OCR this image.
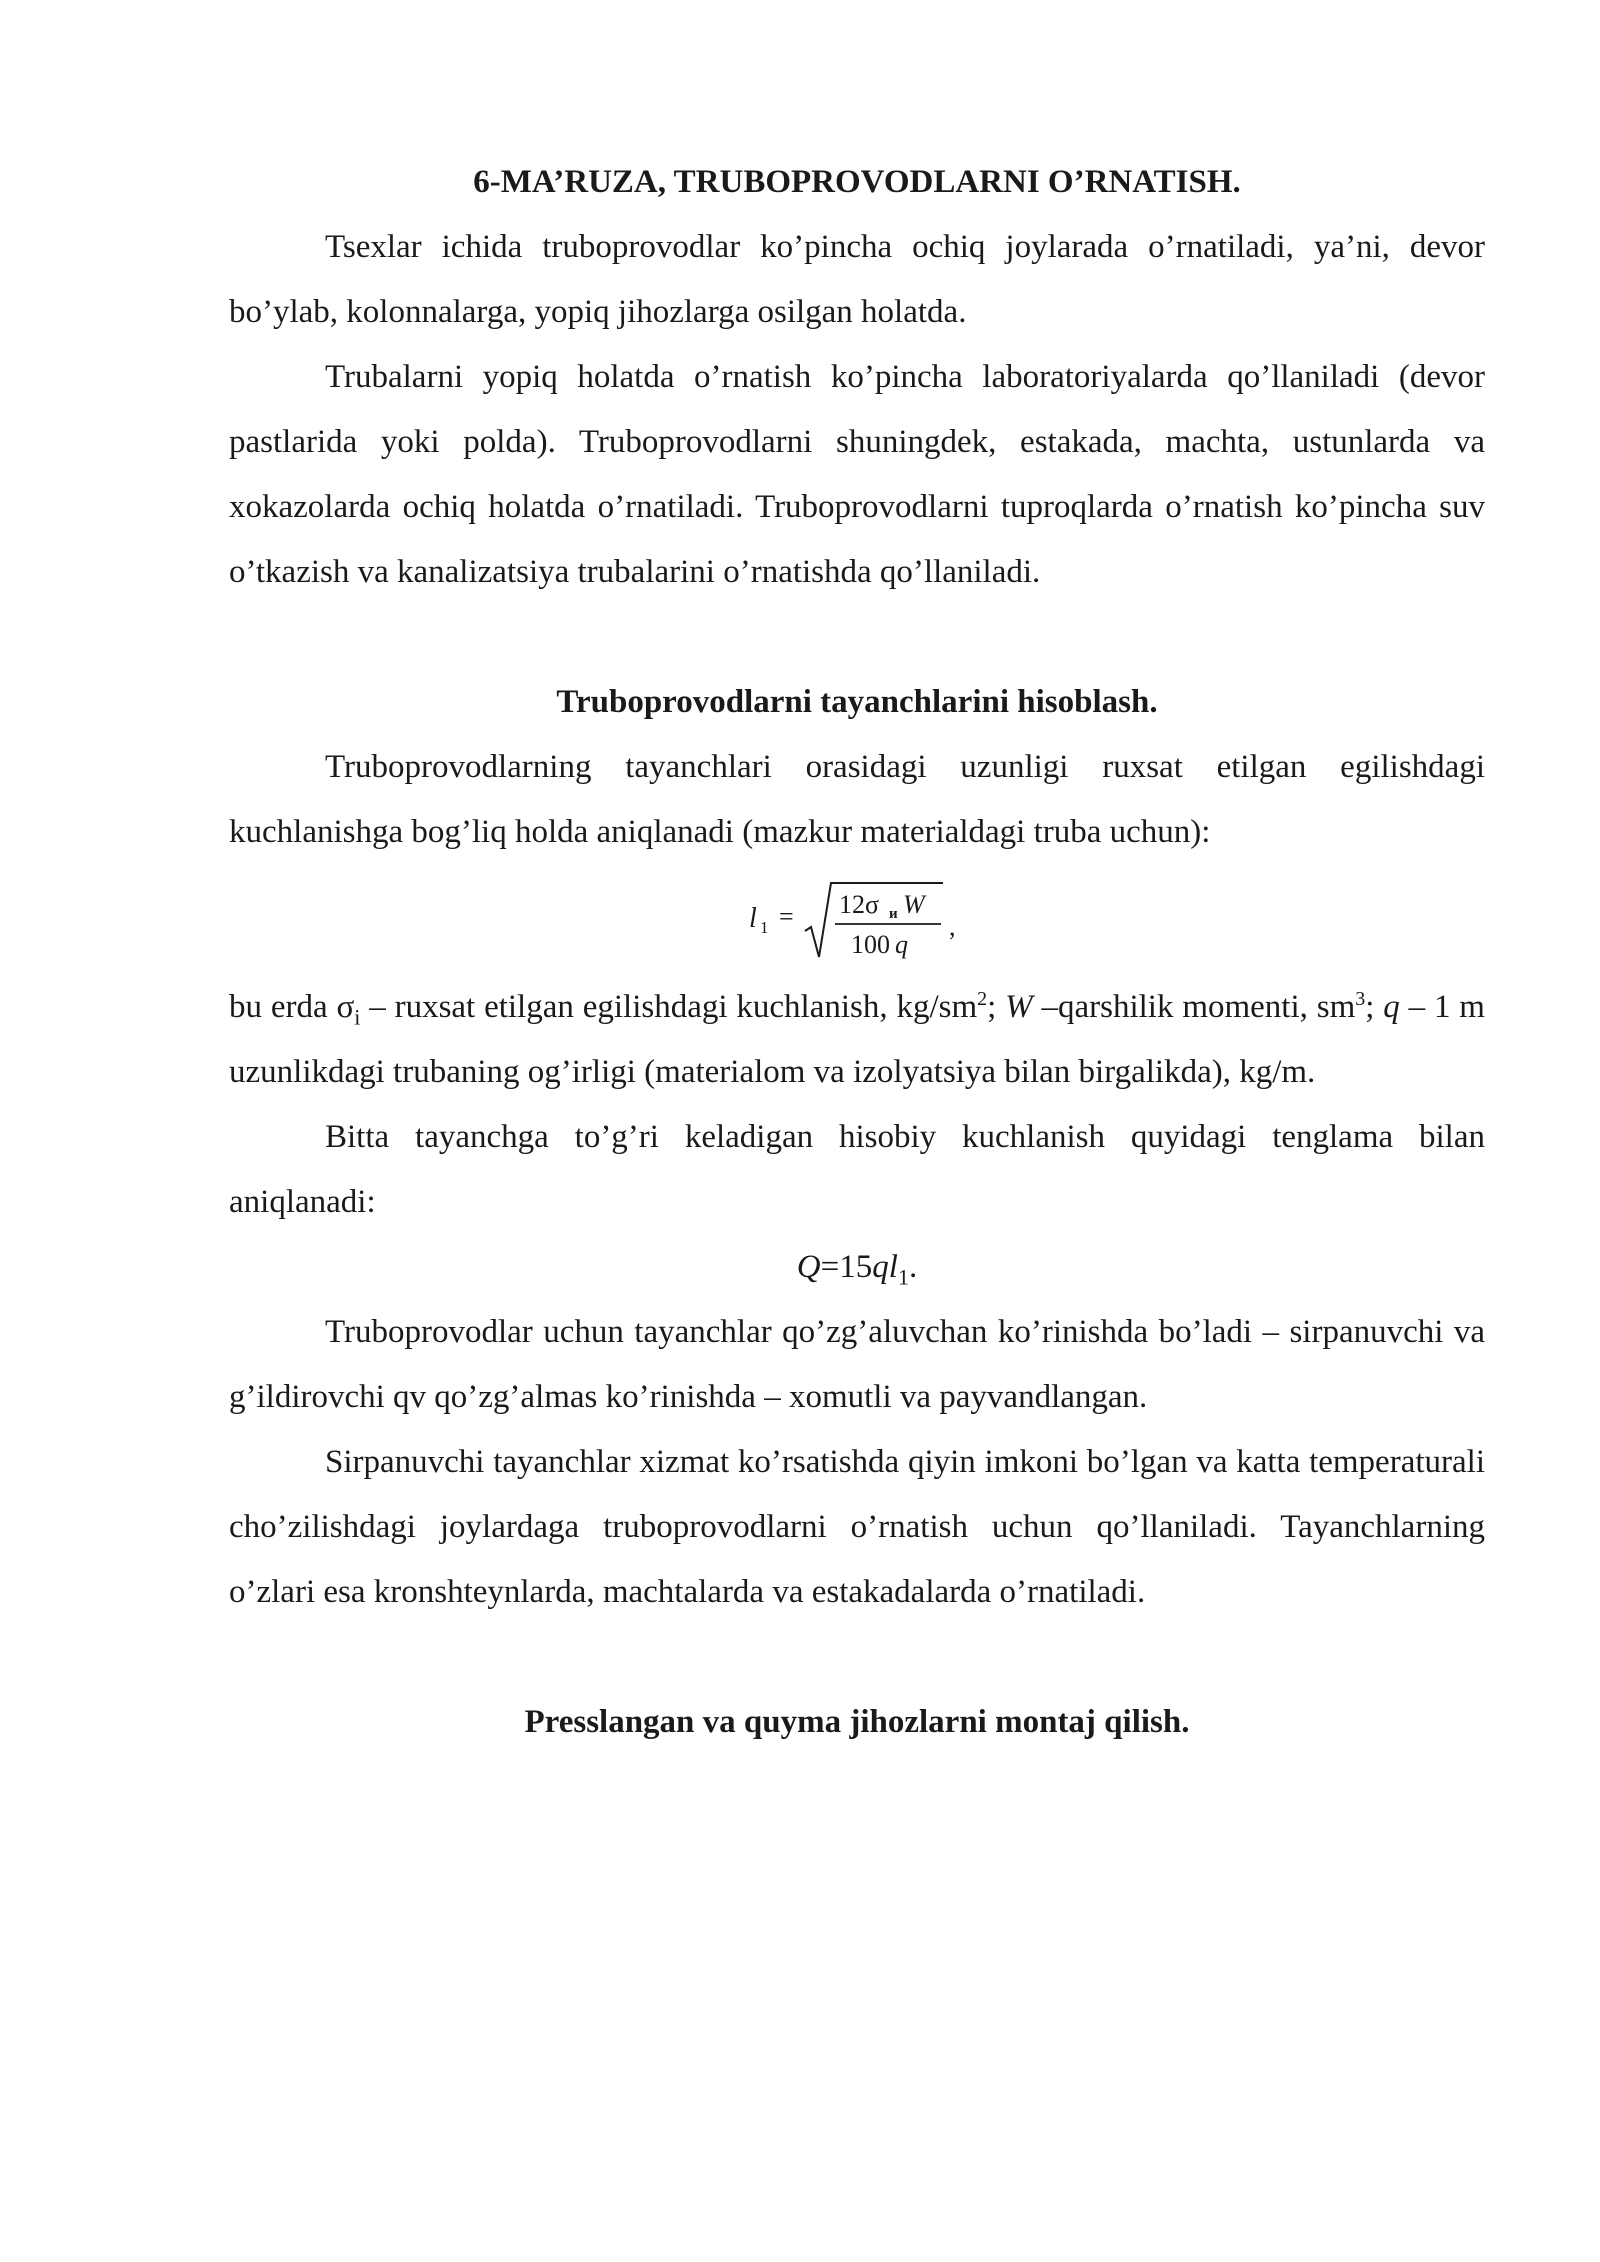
6-MA’RUZA, TRUBOPROVODLARNI O’RNATISH.

Tsexlar ichida truboprovodlar ko’pincha ochiq joylarada o’rnatiladi, ya’ni, devor bo’ylab, kolonnalarga, yopiq jihozlarga osilgan holatda.

Trubalarni yopiq holatda o’rnatish ko’pincha laboratoriyalarda qo’llaniladi (devor pastlarida yoki polda). Truboprovodlarni shuningdek, estakada, machta, ustunlarda va xokazolarda ochiq holatda o’rnatiladi. Truboprovodlarni tuproqlarda o’rnatish ko’pincha suv o’tkazish va kanalizatsiya trubalarini o’rnatishda qo’llaniladi.

Truboprovodlarni tayanchlarini hisoblash.

Truboprovodlarning tayanchlari orasidagi uzunligi ruxsat etilgan egilishdagi kuchlanishga bog’liq holda aniqlanadi (mazkur materialdagi truba uchun):

l 1 = 12σ и W
100 q
,

bu erda $\sigma_i$ – ruxsat etilgan egilishdagi kuchlanish, $kg/sm^2$; W –qarshilik momenti, $sm^3$; q – 1 m uzunlikdagi trubaning og’irligi (materialom va izolyatsiya bilan birgalikda), kg/m.

Bitta tayanchga to’g’ri keladigan hisobiy kuchlanish quyidagi tenglama bilan aniqlanadi:

$Q=15ql_1$.

Truboprovodlar uchun tayanchlar qo’zg’aluvchan ko’rinishda bo’ladi – sirpanuvchi va g’ildirovchi qv qo’zg’almas ko’rinishda – xomutli va payvandlangan.

Sirpanuvchi tayanchlar xizmat ko’rsatishda qiyin imkoni bo’lgan va katta temperaturali cho’zilishdagi joylardaga truboprovodlarni o’rnatish uchun qo’llaniladi. Tayanchlarning o’zlari esa kronshteynlarda, machtalarda va estakadalarda o’rnatiladi.

Presslangan va quyma jihozlarni montaj qilish.
